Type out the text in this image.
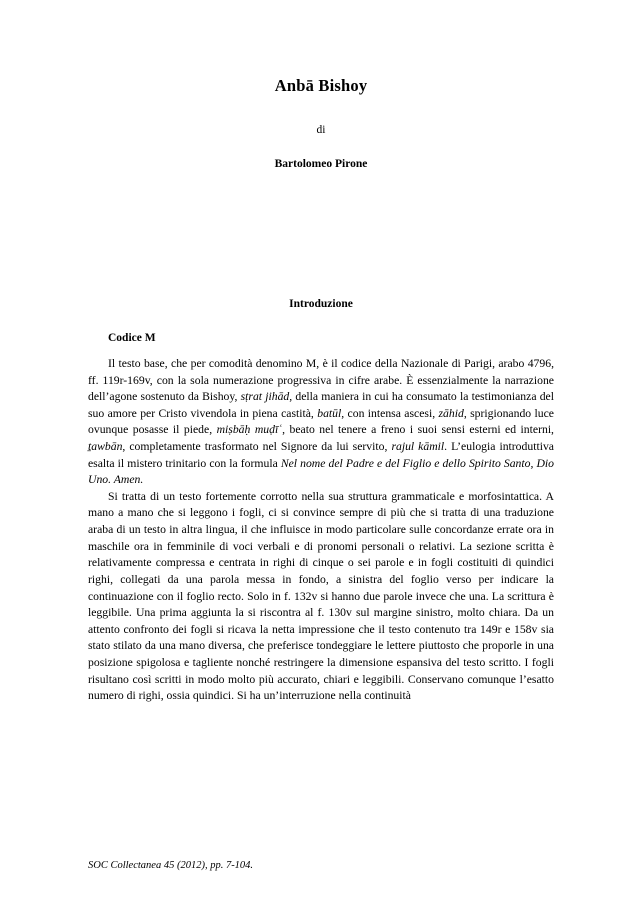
Anbā Bishoy
di
Bartolomeo Pirone
Introduzione
Codice M

Il testo base, che per comodità denomino M, è il codice della Nazionale di Parigi, arabo 4796, ff. 119r-169v, con la sola numerazione progressiva in cifre arabe. È essenzialmente la narrazione dell’agone sostenuto da Bishoy, sṭrat jihād, della maniera in cui ha consumato la testimonianza del suo amore per Cristo vivendola in piena castità, batūl, con intensa ascesi, zāhid, sprigionando luce ovunque posasse il piede, miṣbāḥ muḍīʿ, beato nel tenere a freno i suoi sensi esterni ed interni, ṯawbān, completamente trasformato nel Signore da lui servito, rajul kāmil. L’eulogia introduttiva esalta il mistero trinitario con la formula Nel nome del Padre e del Figlio e dello Spirito Santo, Dio Uno. Amen.

Si tratta di un testo fortemente corrotto nella sua struttura grammaticale e morfosintattica. A mano a mano che si leggono i fogli, ci si convince sempre di più che si tratta di una traduzione araba di un testo in altra lingua, il che influisce in modo particolare sulle concordanze errate ora in maschile ora in femminile di voci verbali e di pronomi personali o relativi. La sezione scritta è relativamente compressa e centrata in righi di cinque o sei parole e in fogli costituiti di quindici righi, collegati da una parola messa in fondo, a sinistra del foglio verso per indicare la continuazione con il foglio recto. Solo in f. 132v si hanno due parole invece che una. La scrittura è leggibile. Una prima aggiunta la si riscontra al f. 130v sul margine sinistro, molto chiara. Da un attento confronto dei fogli si ricava la netta impressione che il testo contenuto tra 149r e 158v sia stato stilato da una mano diversa, che preferisce tondeggiare le lettere piuttosto che proporle in una posizione spigolosa e tagliente nonché restringere la dimensione espansiva del testo scritto. I fogli risultano così scritti in modo molto più accurato, chiari e leggibili. Conservano comunque l’esatto numero di righi, ossia quindici. Si ha un’interruzione nella continuità

SOC Collectanea 45 (2012), pp. 7-104.
